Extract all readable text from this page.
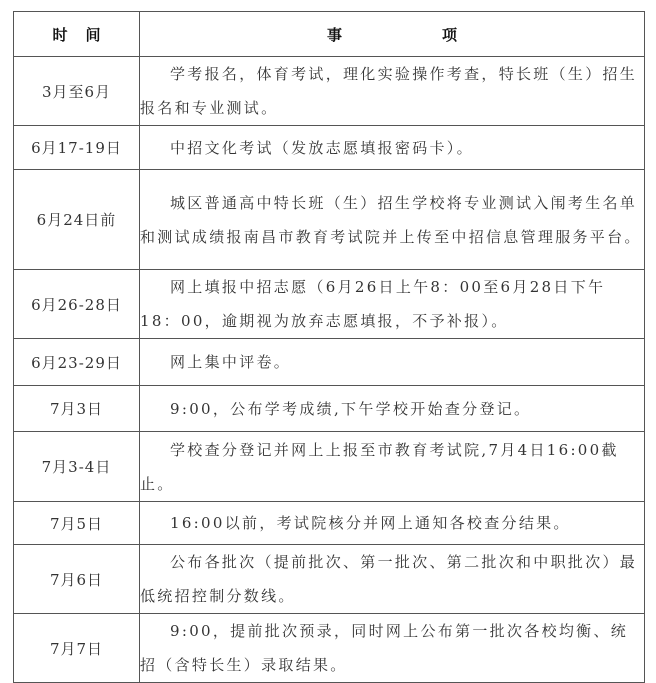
时间	事项
3月至6月	学考报名，体育考试，理化实验操作考查，特长班（生）招生报名和专业测试。

6月17-19日	中招文化考试（发放志愿填报密码卡）。

6月24日前	城区普通高中特长班（生）招生学校将专业测试入闱考生名单和测试成绩报南昌市教育考试院并上传至中招信息管理服务平台。

6月26-28日	网上填报中招志愿（6月26日上午8：00至6月28日下午18：00，逾期视为放弃志愿填报，不予补报）。

6月23-29日	网上集中评卷。

7月3日	9:00，公布学考成绩,下午学校开始查分登记。

7月3-4日	学校查分登记并网上上报至市教育考试院,7月4日16:00截止。

7月5日	16:00以前，考试院核分并网上通知各校查分结果。

7月6日	公布各批次（提前批次、第一批次、第二批次和中职批次）最低统招控制分数线。

7月7日	9:00，提前批次预录，同时网上公布第一批次各校均衡、统招（含特长生）录取结果。
